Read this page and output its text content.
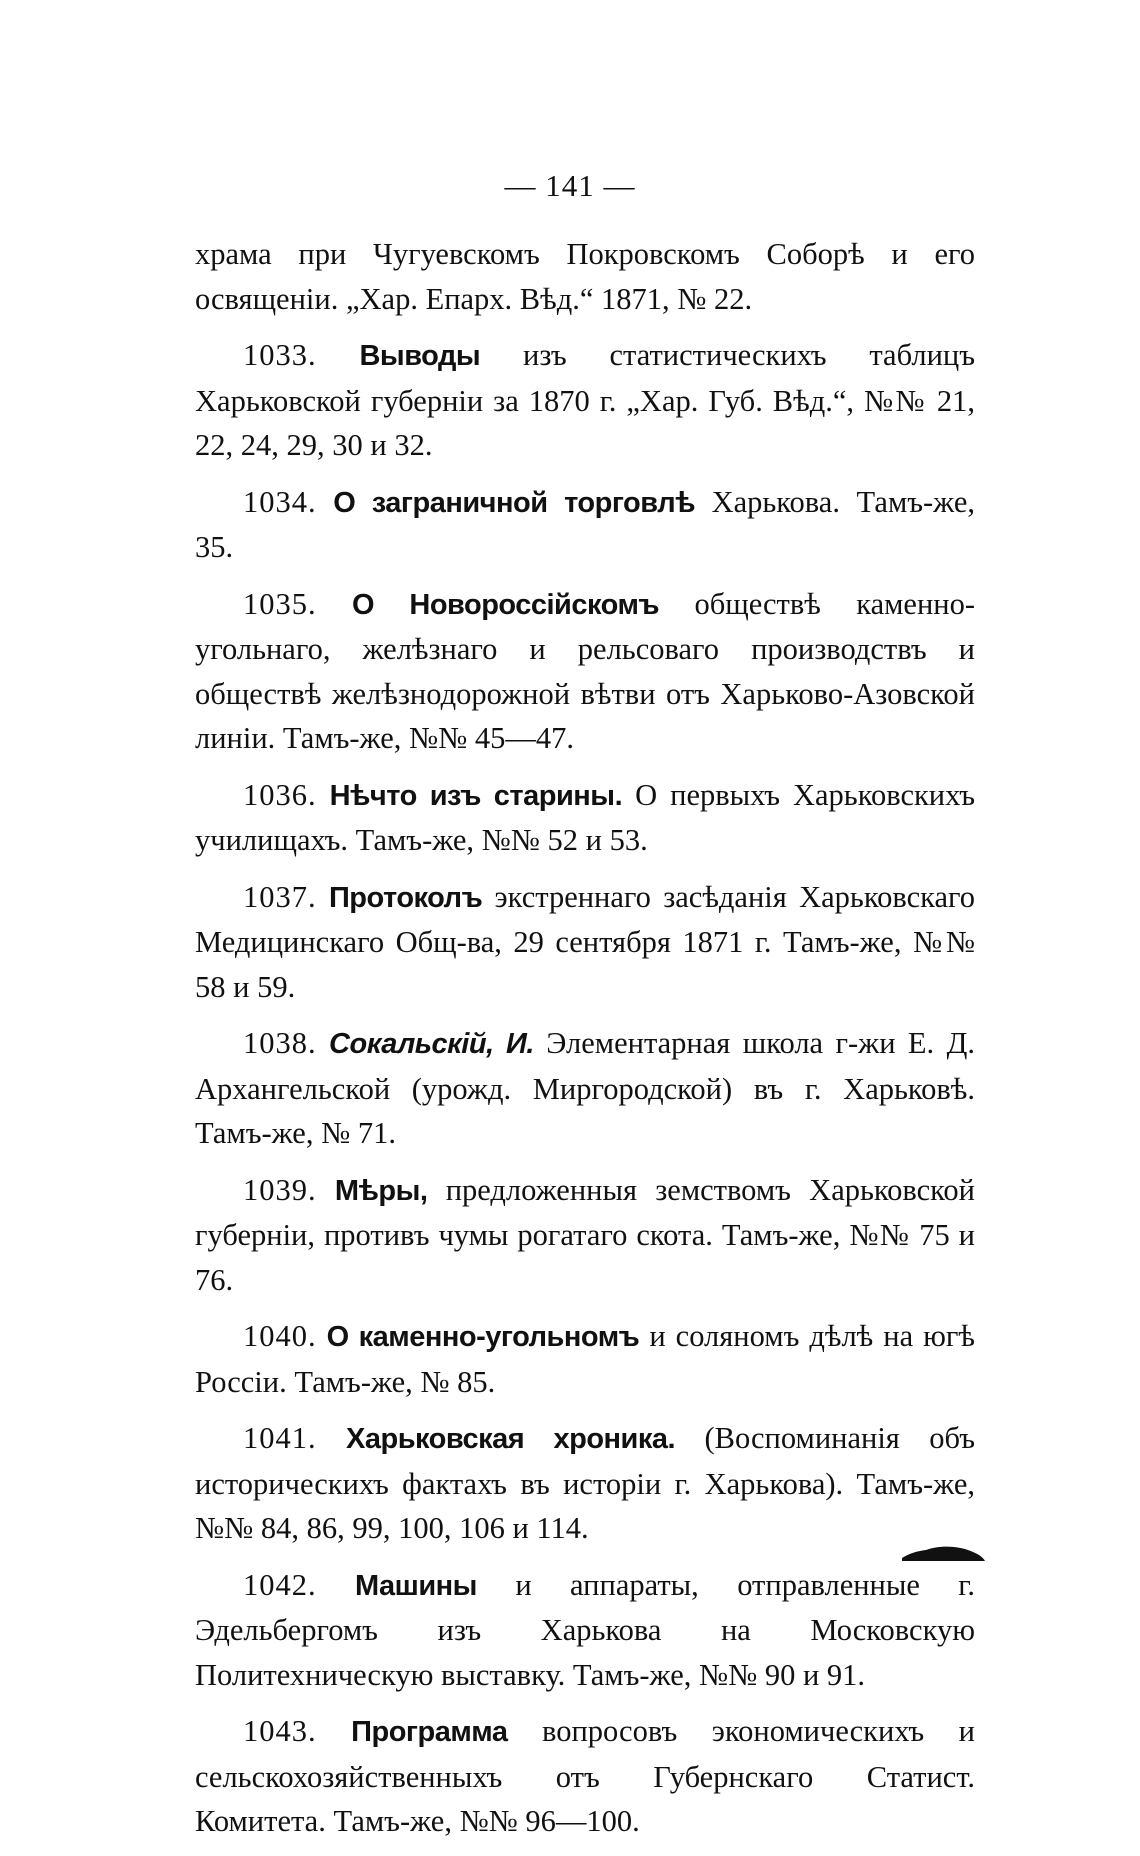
— 141 —

храма при Чугуевскомъ Покровскомъ Соборѣ и его освященіи. „Хар. Епарх. Вѣд.“ 1871, № 22.

1033. Выводы изъ статистическихъ таблицъ Харьковской губерніи за 1870 г. „Хар. Губ. Вѣд.“, №№ 21, 22, 24, 29, 30 и 32.

1034. О заграничной торговлѣ Харькова. Тамъ-же, 35.

1035. О Новороссійскомъ обществѣ каменно-угольнаго, желѣзнаго и рельсоваго производствъ и обществѣ желѣзнодорожной вѣтви отъ Харьково-Азовской линіи. Тамъ-же, №№ 45—47.

1036. Нѣчто изъ старины. О первыхъ Харьковскихъ училищахъ. Тамъ-же, №№ 52 и 53.

1037. Протоколъ экстреннаго засѣданія Харьковскаго Медицинскаго Общ-ва, 29 сентября 1871 г. Тамъ-же, №№ 58 и 59.

1038. Сокальскій, И. Элементарная школа г-жи Е. Д. Архангельской (урожд. Миргородской) въ г. Харьковѣ. Тамъ-же, № 71.

1039. Мѣры, предложенныя земствомъ Харьковской губерніи, противъ чумы рогатаго скота. Тамъ-же, №№ 75 и 76.

1040. О каменно-угольномъ и соляномъ дѣлѣ на югѣ Россіи. Тамъ-же, № 85.

1041. Харьковская хроника. (Воспоминанія объ историческихъ фактахъ въ исторіи г. Харькова). Тамъ-же, №№ 84, 86, 99, 100, 106 и 114.

1042. Машины и аппараты, отправленные г. Эдельбергомъ изъ Харькова на Московскую Политехническую выставку. Тамъ-же, №№ 90 и 91.

1043. Программа вопросовъ экономическихъ и сельскохозяйственныхъ отъ Губернскаго Статист. Комитета. Тамъ-же, №№ 96—100.
